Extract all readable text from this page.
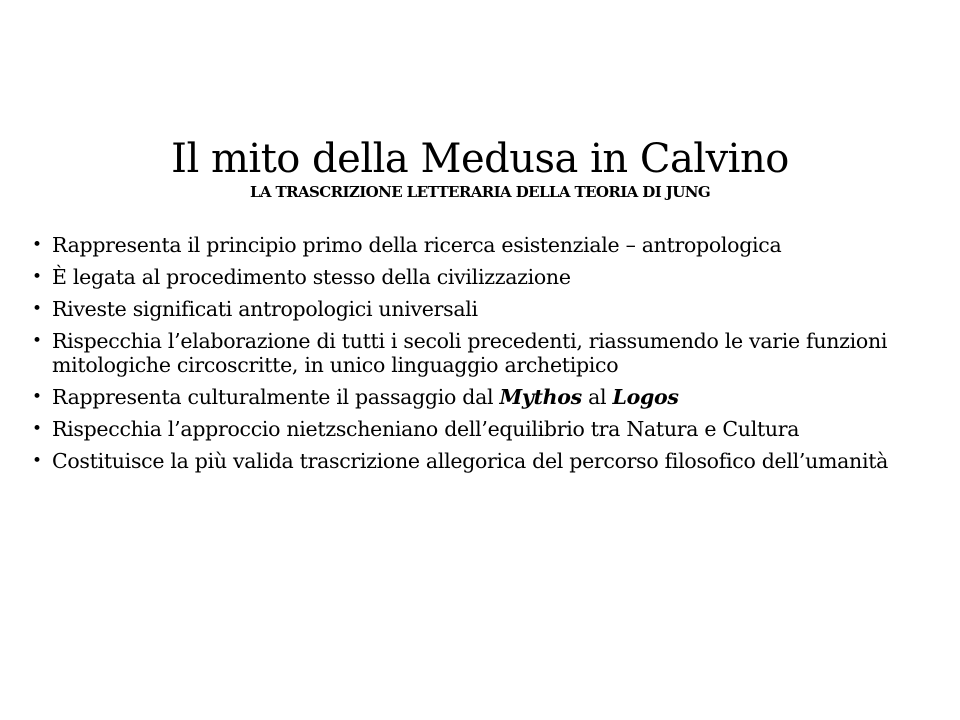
Il mito della Medusa in Calvino
LA TRASCRIZIONE LETTERARIA DELLA TEORIA DI JUNG
• Rappresenta il principio primo della ricerca esistenziale – antropologica
• È legata al procedimento stesso della civilizzazione
• Riveste significati antropologici universali
• Rispecchia l’elaborazione di tutti i secoli precedenti, riassumendo le varie funzioni mitologiche circoscritte, in unico linguaggio archetipico
• Rappresenta culturalmente il passaggio dal Mythos al Logos
• Rispecchia l’approccio nietzscheniano dell’equilibrio tra Natura e Cultura
• Costituisce la più valida trascrizione allegorica del percorso filosofico dell’umanità
